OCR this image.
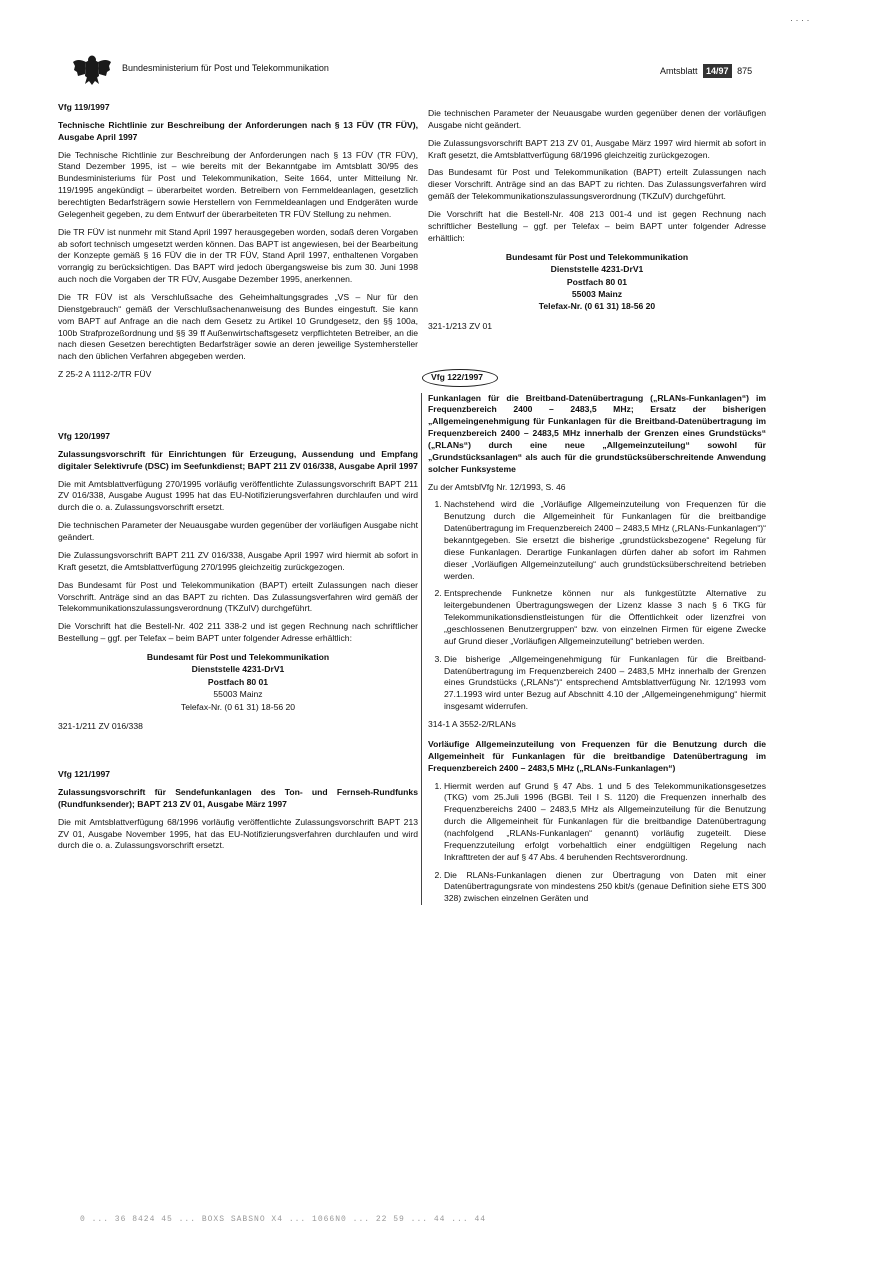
Bundesministerium für Post und Telekommunikation	Amtsblatt 14/97 875
· · · ·

Vfg 119/1997

Technische Richtlinie zur Beschreibung der Anforderungen nach § 13 FÜV (TR FÜV), Ausgabe April 1997

Die Technische Richtlinie zur Beschreibung der Anforderungen nach § 13 FÜV (TR FÜV), Stand Dezember 1995, ist – wie bereits mit der Bekanntgabe im Amtsblatt 30/95 des Bundesministeriums für Post und Telekommunikation, Seite 1664, unter Mitteilung Nr. 119/1995 angekündigt – überarbeitet worden. Betreibern von Fernmeldeanlagen, gesetzlich berechtigten Bedarfsträgern sowie Herstellern von Fernmeldeanlagen und Endgeräten wurde Gelegenheit gegeben, zu dem Entwurf der überarbeiteten TR FÜV Stellung zu nehmen.

Die TR FÜV ist nunmehr mit Stand April 1997 herausgegeben worden, sodaß deren Vorgaben ab sofort technisch umgesetzt werden können. Das BAPT ist angewiesen, bei der Bearbeitung der Konzepte gemäß § 16 FÜV die in der TR FÜV, Stand April 1997, enthaltenen Vorgaben vorrangig zu berücksichtigen. Das BAPT wird jedoch übergangsweise bis zum 30. Juni 1998 auch noch die Vorgaben der TR FÜV, Ausgabe Dezember 1995, anerkennen.

Die TR FÜV ist als Verschlußsache des Geheimhaltungsgrades „VS – Nur für den Dienstgebrauch“ gemäß der Verschlußsachenanweisung des Bundes eingestuft. Sie kann vom BAPT auf Anfrage an die nach dem Gesetz zu Artikel 10 Grundgesetz, den §§ 100a, 100b Strafprozeßordnung und §§ 39 ff Außenwirtschaftsgesetz verpflichteten Betreiber, an die nach diesen Gesetzen berechtigten Bedarfsträger sowie an deren jeweilige Systemhersteller nach den üblichen Verfahren abgegeben werden.

Z 25-2 A 1112-2/TR FÜV

Vfg 120/1997

Zulassungsvorschrift für Einrichtungen für Erzeugung, Aussendung und Empfang digitaler Selektivrufe (DSC) im Seefunkdienst; BAPT 211 ZV 016/338, Ausgabe April 1997

Die mit Amtsblattverfügung 270/1995 vorläufig veröffentlichte Zulassungsvorschrift BAPT 211 ZV 016/338, Ausgabe August 1995 hat das EU-Notifizierungsverfahren durchlaufen und wird durch die o. a. Zulassungsvorschrift ersetzt.

Die technischen Parameter der Neuausgabe wurden gegenüber der vorläufigen Ausgabe nicht geändert.

Die Zulassungsvorschrift BAPT 211 ZV 016/338, Ausgabe April 1997 wird hiermit ab sofort in Kraft gesetzt, die Amtsblattverfügung 270/1995 gleichzeitig zurückgezogen.

Das Bundesamt für Post und Telekommunikation (BAPT) erteilt Zulassungen nach dieser Vorschrift. Anträge sind an das BAPT zu richten. Das Zulassungsverfahren wird gemäß der Telekommunikationszulassungsverordnung (TKZulV) durchgeführt.

Die Vorschrift hat die Bestell-Nr. 402 211 338-2 und ist gegen Rechnung nach schriftlicher Bestellung – ggf. per Telefax – beim BAPT unter folgender Adresse erhältlich:

Bundesamt für Post und Telekommunikation
Dienststelle 4231-DrV1
Postfach 80 01
55003 Mainz
Telefax-Nr. (0 61 31) 18-56 20

321-1/211 ZV 016/338

Vfg 121/1997

Zulassungsvorschrift für Sendefunkanlagen des Ton- und Fernseh-Rundfunks (Rundfunksender); BAPT 213 ZV 01, Ausgabe März 1997

Die mit Amtsblattverfügung 68/1996 vorläufig veröffentlichte Zulassungsvorschrift BAPT 213 ZV 01, Ausgabe November 1995, hat das EU-Notifizierungsverfahren durchlaufen und wird durch die o. a. Zulassungsvorschrift ersetzt.

Die technischen Parameter der Neuausgabe wurden gegenüber denen der vorläufigen Ausgabe nicht geändert.

Die Zulassungsvorschrift BAPT 213 ZV 01, Ausgabe März 1997 wird hiermit ab sofort in Kraft gesetzt, die Amtsblattverfügung 68/1996 gleichzeitig zurückgezogen.

Das Bundesamt für Post und Telekommunikation (BAPT) erteilt Zulassungen nach dieser Vorschrift. Anträge sind an das BAPT zu richten. Das Zulassungsverfahren wird gemäß der Telekommunikationszulassungsverordnung (TKZulV) durchgeführt.

Die Vorschrift hat die Bestell-Nr. 408 213 001-4 und ist gegen Rechnung nach schriftlicher Bestellung – ggf. per Telefax – beim BAPT unter folgender Adresse erhältlich:

Bundesamt für Post und Telekommunikation
Dienststelle 4231-DrV1
Postfach 80 01
55003 Mainz
Telefax-Nr. (0 61 31) 18-56 20

321-1/213 ZV 01

Vfg 122/1997

Funkanlagen für die Breitband-Datenübertragung („RLANs-Funkanlagen“) im Frequenzbereich 2400 – 2483,5 MHz; Ersatz der bisherigen „Allgemeingenehmigung für Funkanlagen für die Breitband-Datenübertragung im Frequenzbereich 2400 – 2483,5 MHz innerhalb der Grenzen eines Grundstücks“ („RLANs“) durch eine neue „Allgemeinzuteilung“ sowohl für „Grundstücksanlagen“ als auch für die grundstücksüberschreitende Anwendung solcher Funksysteme

Zu der AmtsblVfg Nr. 12/1993, S. 46

1. Nachstehend wird die „Vorläufige Allgemeinzuteilung von Frequenzen für die Benutzung durch die Allgemeinheit für Funkanlagen für die breitbandige Datenübertragung im Frequenzbereich 2400 – 2483,5 MHz („RLANs-Funkanlagen“)“ bekanntgegeben. Sie ersetzt die bisherige „grundstücksbezogene“ Regelung für diese Funkanlagen. Derartige Funkanlagen dürfen daher ab sofort im Rahmen dieser „Vorläufigen Allgemeinzuteilung“ auch grundstücksüberschreitend betrieben werden.
2. Entsprechende Funknetze können nur als funkgestützte Alternative zu leitergebundenen Übertragungswegen der Lizenz klasse 3 nach § 6 TKG für Telekommunikationsdienstleistungen für die Öffentlichkeit oder lizenzfrei von „geschlossenen Benutzergruppen“ bzw. von einzelnen Firmen für eigene Zwecke auf Grund dieser „Vorläufigen Allgemeinzuteilung“ betrieben werden.
3. Die bisherige „Allgemeingenehmigung für Funkanlagen für die Breitband-Datenübertragung im Frequenzbereich 2400 – 2483,5 MHz innerhalb der Grenzen eines Grundstücks („RLANs“)“ entsprechend Amtsblattverfügung Nr. 12/1993 vom 27.1.1993 wird unter Bezug auf Abschnitt 4.10 der „Allgemeingenehmigung“ hiermit insgesamt widerrufen.

314-1 A 3552-2/RLANs

Vorläufige Allgemeinzuteilung von Frequenzen für die Benutzung durch die Allgemeinheit für Funkanlagen für die breitbandige Datenübertragung im Frequenzbereich 2400 – 2483,5 MHz („RLANs-Funkanlagen“)

1. Hiermit werden auf Grund § 47 Abs. 1 und 5 des Telekommunikationsgesetzes (TKG) vom 25.Juli 1996 (BGBl. Teil I S. 1120) die Frequenzen innerhalb des Frequenzbereichs 2400 – 2483,5 MHz als Allgemeinzuteilung für die Benutzung durch die Allgemeinheit für Funkanlagen für die breitbandige Datenübertragung (nachfolgend „RLANs-Funkanlagen“ genannt) vorläufig zugeteilt. Diese Frequenzzuteilung erfolgt vorbehaltlich einer endgültigen Regelung nach Inkrafttreten der auf § 47 Abs. 4 beruhenden Rechtsverordnung.
2. Die RLANs-Funkanlagen dienen zur Übertragung von Daten mit einer Datenübertragungsrate von mindestens 250 kbit/s (genaue Definition siehe ETS 300 328) zwischen einzelnen Geräten und
0 ... 36 8424 45 ... BOXS SABSNO X4 ... 1066N0 ... 22 59 ... 44 ... 44
